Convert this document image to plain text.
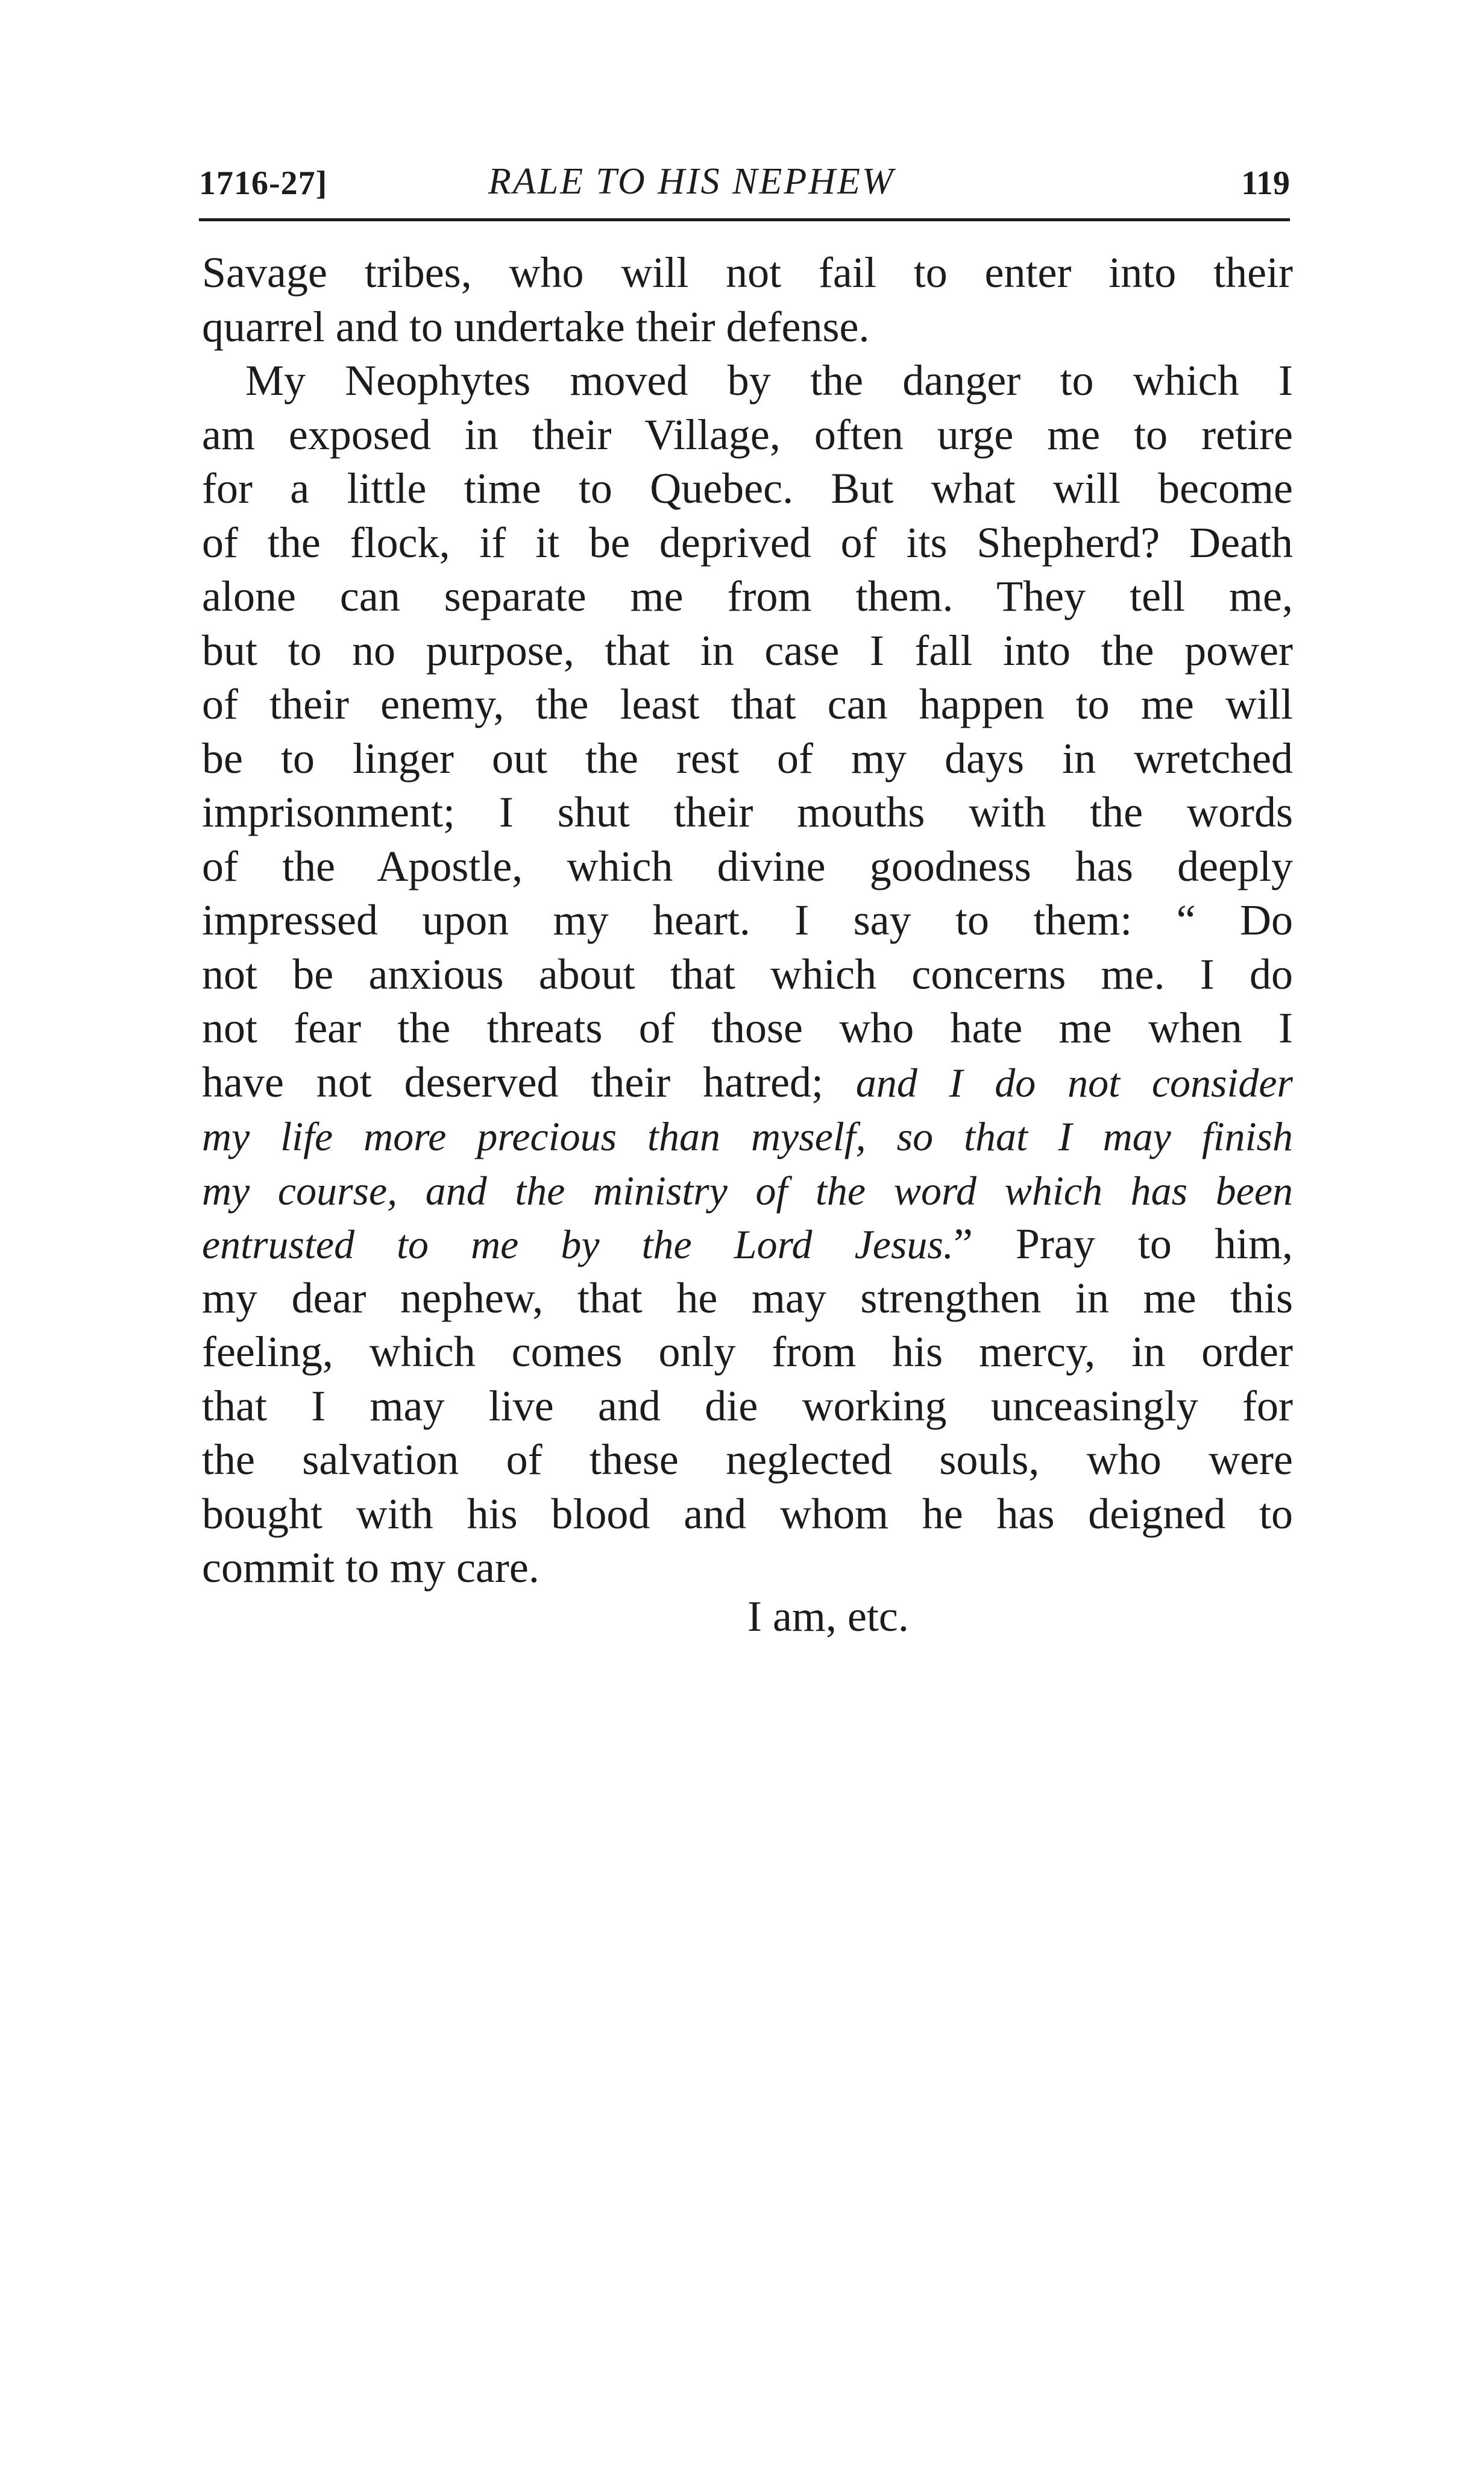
1716-27]	RALE TO HIS NEPHEW	119
Savage tribes, who will not fail to enter into their
quarrel and to undertake their defense.
My Neophytes moved by the danger to which I
am exposed in their Village, often urge me to retire
for a little time to Quebec. But what will become
of the flock, if it be deprived of its Shepherd? Death
alone can separate me from them. They tell me,
but to no purpose, that in case I fall into the power
of their enemy, the least that can happen to me will
be to linger out the rest of my days in wretched
imprisonment; I shut their mouths with the words
of the Apostle, which divine goodness has deeply
impressed upon my heart. I say to them: “ Do
not be anxious about that which concerns me. I do
not fear the threats of those who hate me when I
have not deserved their hatred; and I do not consider
my life more precious than myself, so that I may finish
my course, and the ministry of the word which has been
entrusted to me by the Lord Jesus.” Pray to him,
my dear nephew, that he may strengthen in me this
feeling, which comes only from his mercy, in order
that I may live and die working unceasingly for
the salvation of these neglected souls, who were
bought with his blood and whom he has deigned to
commit to my care.
I am, etc.
